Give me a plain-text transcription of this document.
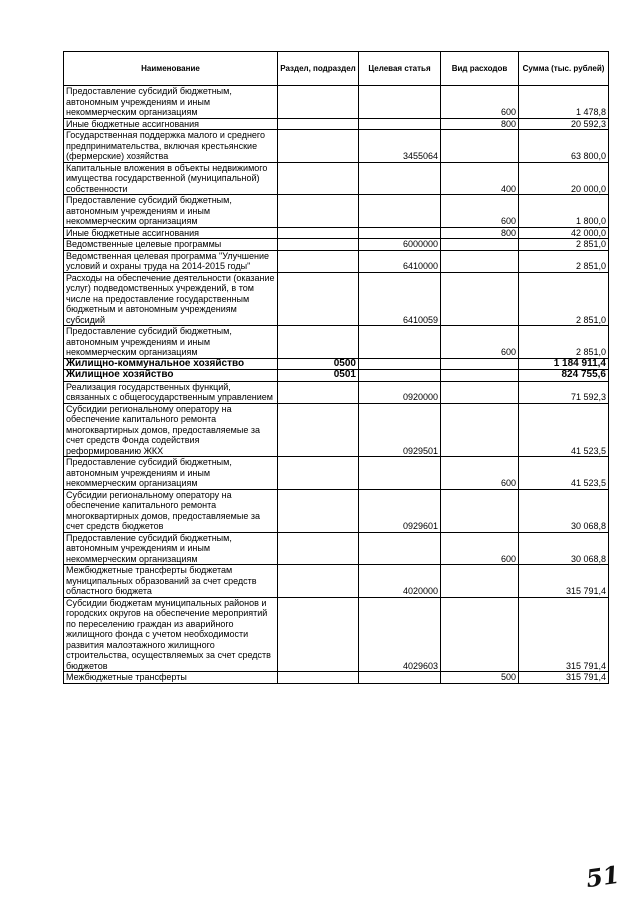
Наименование	Раздел, подраздел	Целевая статья	Вид расходов	Сумма (тыс. рублей)
Предоставление субсидий бюджетным, автономным учреждениям и иным некоммерческим организациям			600	1 478,8
Иные бюджетные ассигнования			800	20 592,3
Государственная поддержка малого и среднего предпринимательства, включая крестьянские (фермерские) хозяйства		3455064		63 800,0
Капитальные вложения в объекты недвижимого имущества государственной (муниципальной) собственности			400	20 000,0
Предоставление субсидий бюджетным, автономным учреждениям и иным некоммерческим организациям			600	1 800,0
Иные бюджетные ассигнования			800	42 000,0
Ведомственные целевые программы		6000000		2 851,0
Ведомственная целевая программа "Улучшение условий и охраны труда на 2014-2015 годы"		6410000		2 851,0
Расходы на обеспечение деятельности (оказание услуг) подведомственных учреждений, в том числе на предоставление государственным бюджетным и автономным учреждениям субсидий		6410059		2 851,0
Предоставление субсидий бюджетным, автономным учреждениям и иным некоммерческим организациям			600	2 851,0
Жилищно-коммунальное хозяйство	0500			1 184 911,4
Жилищное хозяйство	0501			824 755,6
Реализация государственных функций, связанных с общегосударственным управлением		0920000		71 592,3
Субсидии региональному оператору на обеспечение капитального ремонта многоквартирных домов, предоставляемые за счет средств Фонда содействия реформированию ЖКХ		0929501		41 523,5
Предоставление субсидий бюджетным, автономным учреждениям и иным некоммерческим организациям			600	41 523,5
Субсидии региональному оператору на обеспечение капитального ремонта многоквартирных домов, предоставляемые за счет средств бюджетов		0929601		30 068,8
Предоставление субсидий бюджетным, автономным учреждениям и иным некоммерческим организациям			600	30 068,8
Межбюджетные трансферты бюджетам муниципальных образований за счет средств областного бюджета		4020000		315 791,4
Субсидии бюджетам муниципальных районов и городских округов на обеспечение мероприятий по переселению граждан из аварийного жилищного фонда с учетом необходимости развития малоэтажного жилищного строительства, осуществляемых за счет средств бюджетов		4029603		315 791,4
Межбюджетные трансферты			500	315 791,4
51
